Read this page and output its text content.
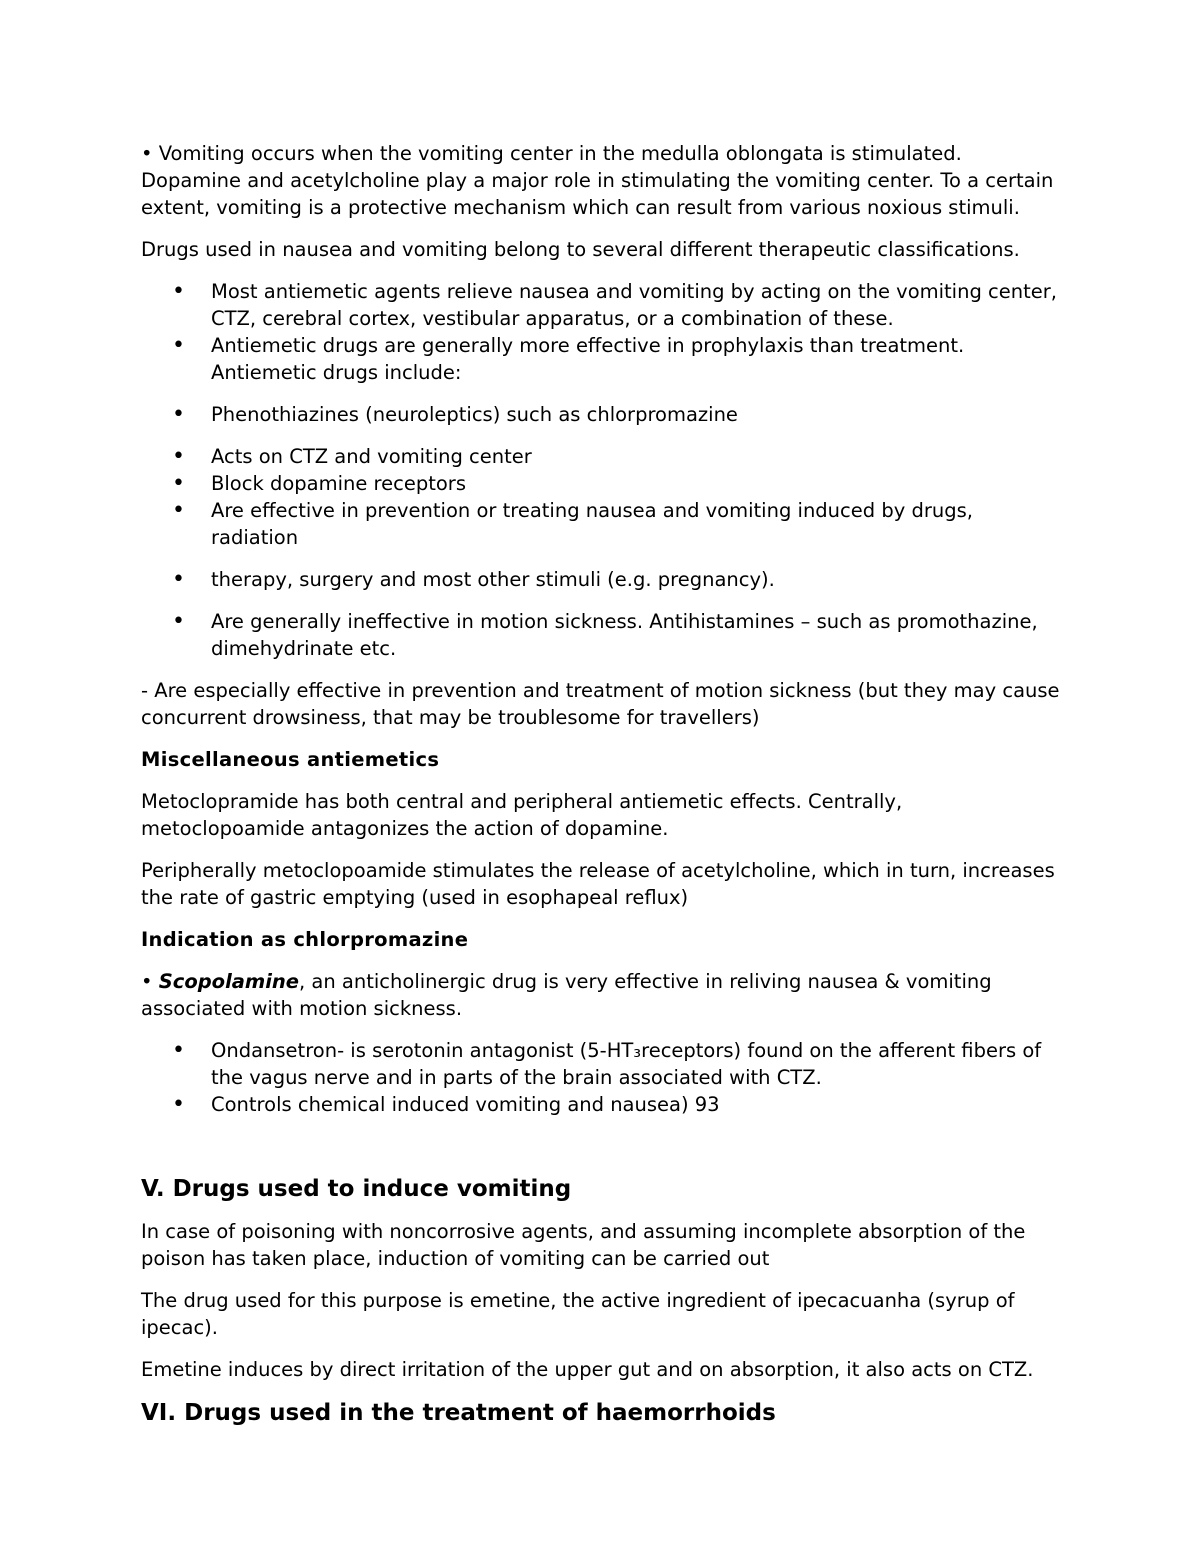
• Vomiting occurs when the vomiting center in the medulla oblongata is stimulated. Dopamine and acetylcholine play a major role in stimulating the vomiting center. To a certain extent, vomiting is a protective mechanism which can result from various noxious stimuli.

Drugs used in nausea and vomiting belong to several different therapeutic classifications.

• Most antiemetic agents relieve nausea and vomiting by acting on the vomiting center, CTZ, cerebral cortex, vestibular apparatus, or a combination of these.
• Antiemetic drugs are generally more effective in prophylaxis than treatment. Antiemetic drugs include:
• Phenothiazines (neuroleptics) such as chlorpromazine
• Acts on CTZ and vomiting center
• Block dopamine receptors
• Are effective in prevention or treating nausea and vomiting induced by drugs, radiation
• therapy, surgery and most other stimuli (e.g. pregnancy).
• Are generally ineffective in motion sickness. Antihistamines – such as promothazine, dimehydrinate etc.

- Are especially effective in prevention and treatment of motion sickness (but they may cause concurrent drowsiness, that may be troublesome for travellers)

Miscellaneous antiemetics

Metoclopramide has both central and peripheral antiemetic effects. Centrally, metoclopoamide antagonizes the action of dopamine.

Peripherally metoclopoamide stimulates the release of acetylcholine, which in turn, increases the rate of gastric emptying (used in esophapeal reflux)

Indication as chlorpromazine

• Scopolamine, an anticholinergic drug is very effective in reliving nausea & vomiting associated with motion sickness.

• Ondansetron- is serotonin antagonist (5-HT₃receptors) found on the afferent fibers of the vagus nerve and in parts of the brain associated with CTZ.
• Controls chemical induced vomiting and nausea) 93
V. Drugs used to induce vomiting

In case of poisoning with noncorrosive agents, and assuming incomplete absorption of the poison has taken place, induction of vomiting can be carried out

The drug used for this purpose is emetine, the active ingredient of ipecacuanha (syrup of ipecac).

Emetine induces by direct irritation of the upper gut and on absorption, it also acts on CTZ.

VI. Drugs used in the treatment of haemorrhoids
